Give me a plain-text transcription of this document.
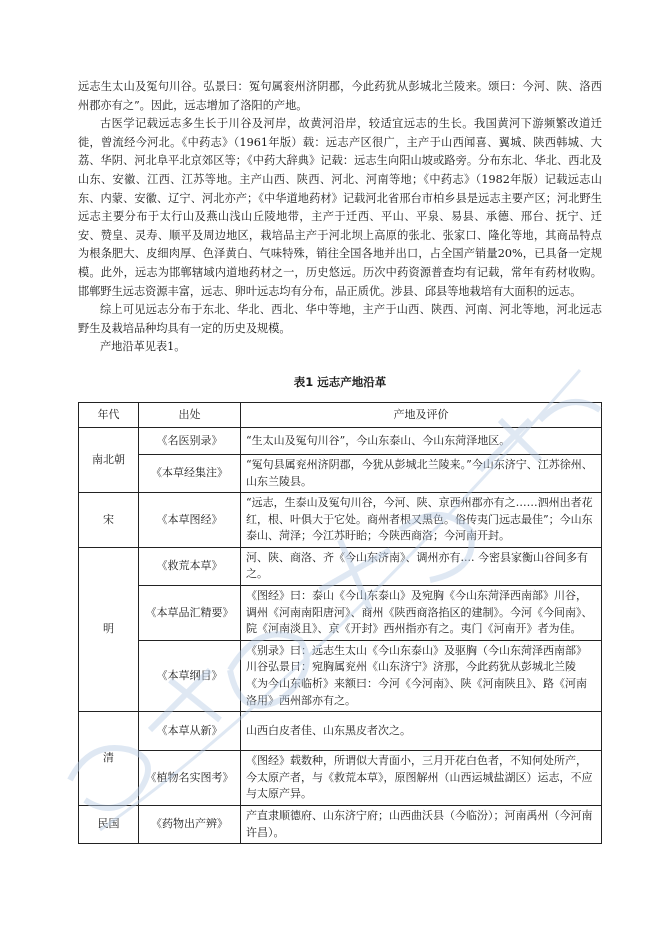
远志生太山及冤句川谷。弘景曰：冤句属衮州济阴郡，今此药犹从彭城北兰陵来。颂曰：今河、陕、洛西州郡亦有之”。因此，远志增加了洛阳的产地。

古医学记载远志多生长于川谷及河岸，故黄河沿岸，较适宜远志的生长。我国黄河下游频繁改道迁徙，曾流经今河北。《中药志》（1961年版）载：远志产区很广，主产于山西闻喜、翼城、陕西韩城、大荔、华阴、河北阜平北京郊区等；《中药大辞典》记载：远志生向阳山坡或路旁。分布东北、华北、西北及山东、安徽、江西、江苏等地。主产山西、陕西、河北、河南等地；《中药志》（1982年版）记载远志山东、内蒙、安徽、辽宁、河北亦产；《中华道地药材》记载河北省邢台市柏乡县是远志主要产区；河北野生远志主要分布于太行山及燕山浅山丘陵地带，主产于迁西、平山、平泉、易县、承德、邢台、抚宁、迁安、赞皇、灵寿、顺平及周边地区，栽培品主产于河北坝上高原的张北、张家口、隆化等地，其商品特点为根条肥大、皮细肉厚、色泽黄白、气味特殊，销往全国各地并出口，占全国产销量20%，已具备一定规模。此外，远志为邯郸辖域内道地药材之一，历史悠远。历次中药资源普查均有记载，常年有药材收购。邯郸野生远志资源丰富，远志、卵叶远志均有分布，品正质优。涉县、邱县等地栽培有大面积的远志。

综上可见远志分布于东北、华北、西北、华中等地，主产于山西、陕西、河南、河北等地，河北远志野生及栽培品种均具有一定的历史及规模。

产地沿革见表1。

表1 远志产地沿革
年代	出处	产地及评价
南北朝	《名医别录》	“生太山及冤句川谷”，今山东泰山、今山东菏泽地区。
	《本草经集注》	“冤句县属兖州济阴郡，今犹从彭城北兰陵来。”今山东济宁、江苏徐州、山东兰陵县。
宋	《本草图经》	“远志，生泰山及冤句川谷，今河、陕、京西州郡亦有之……泗州出者花红，根、叶俱大于它处。商州者根又黑色。俗传夷门远志最佳”；今山东泰山、菏泽；今江苏盱眙；今陕西商洛；今河南开封。
明	《救荒本草》	河、陕、商洛、齐《今山东济南》、调州亦有.... 今密县家衡山谷间多有之。
	《本草品汇精要》	《图经》曰：泰山《今山东泰山》及宛胸《今山东菏泽西南部》川谷，调州《河南南阳唐河》、商州《陕西商洛掐区的建制》。今河《今间南》、院《河南淡且》、京《开封》西州指亦有之。夷门《河南开》者为佳。
	《本草纲目》	《别录》曰：远志生太山《今山东泰山》及驱胸（今山东菏泽西南部》川谷弘景日：宛胸属兖州《山东济宁》济那，今此药犹从彭城北兰陵《为今山东临析》来额曰：今河《今河南》、陕《河南陕且》、路《河南洛用》西州部亦有之。
清	《本草从新》	山西白皮者佳、山东黑皮者次之。
	《植物名实图考》	《图经》载数种，所谓似大青面小，三月开花白色者，不知何处所产，今太原产者，与《救荒本草》，原图解州（山西运城盐湖区）运志，不应与太原产异。
民国	《药物出产辨》	产直隶顺德府、山东济宁府；山西曲沃县（今临汾）；河南禹州（今河南许昌）。
